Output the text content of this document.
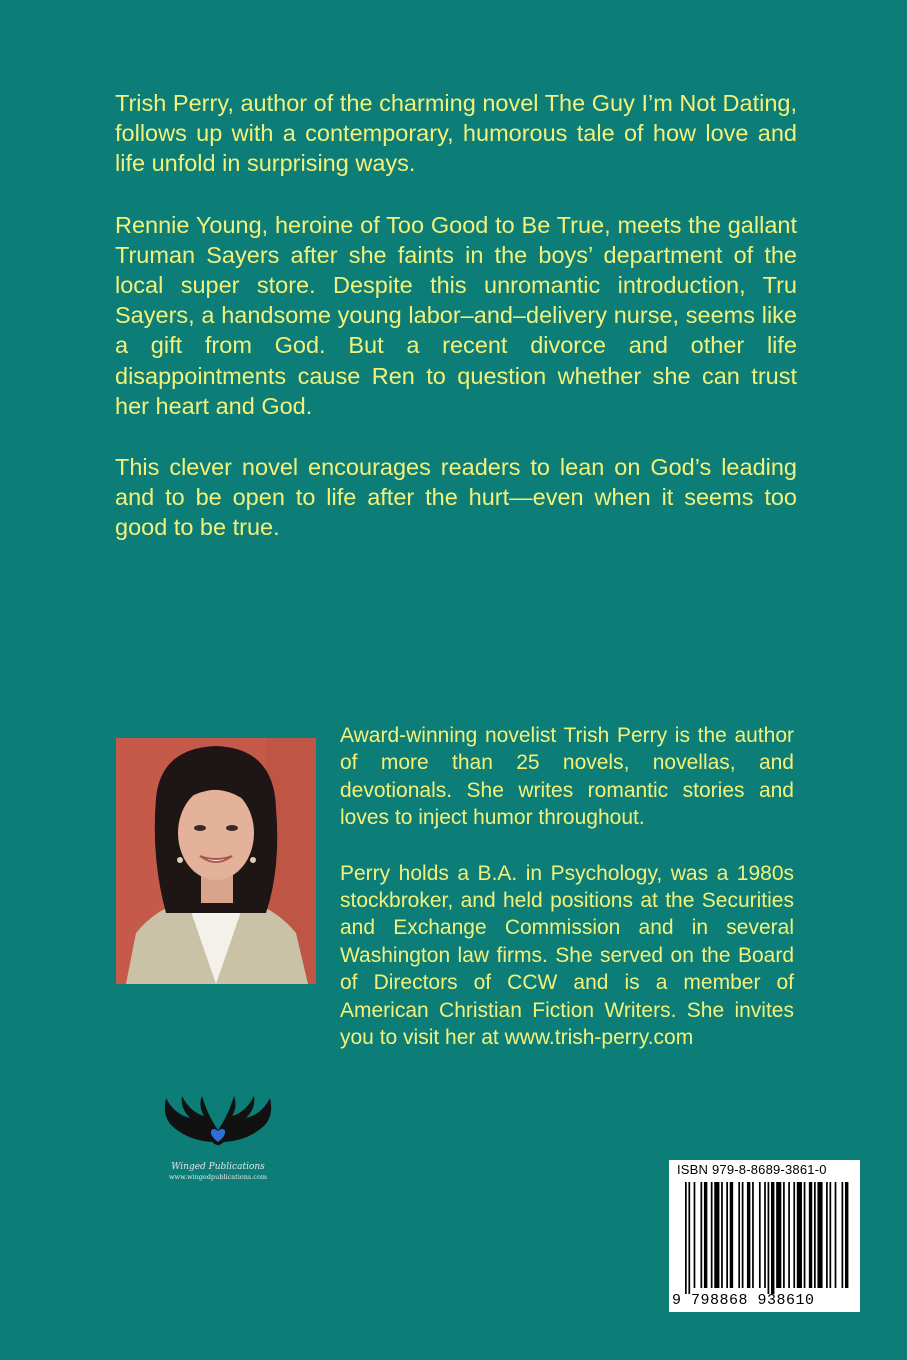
Trish Perry, author of the charming novel The Guy I’m Not Dating, follows up with a contemporary, humorous tale of how love and life unfold in surprising ways.

Rennie Young, heroine of Too Good to Be True, meets the gallant Truman Sayers after she faints in the boys’ department of the local super store. Despite this unromantic introduction, Tru Sayers, a handsome young labor–and–delivery nurse, seems like a gift from God. But a recent divorce and other life disappointments cause Ren to question whether she can trust her heart and God.

This clever novel encourages readers to lean on God’s leading and to be open to life after the hurt—even when it seems too good to be true.

Award-winning novelist Trish Perry is the author of more than 25 novels, novellas, and devotionals. She writes romantic stories and loves to inject humor throughout.

Perry holds a B.A. in Psychology, was a 1980s stockbroker, and held positions at the Securities and Exchange Commission and in several Washington law firms. She served on the Board of Directors of CCW and is a member of American Christian Fiction Writers. She invites you to visit her at www.trish-perry.com

Winged Publications
www.wingedpublications.com	ISBN 979-8-8689-3861-0
9 798868 938610
